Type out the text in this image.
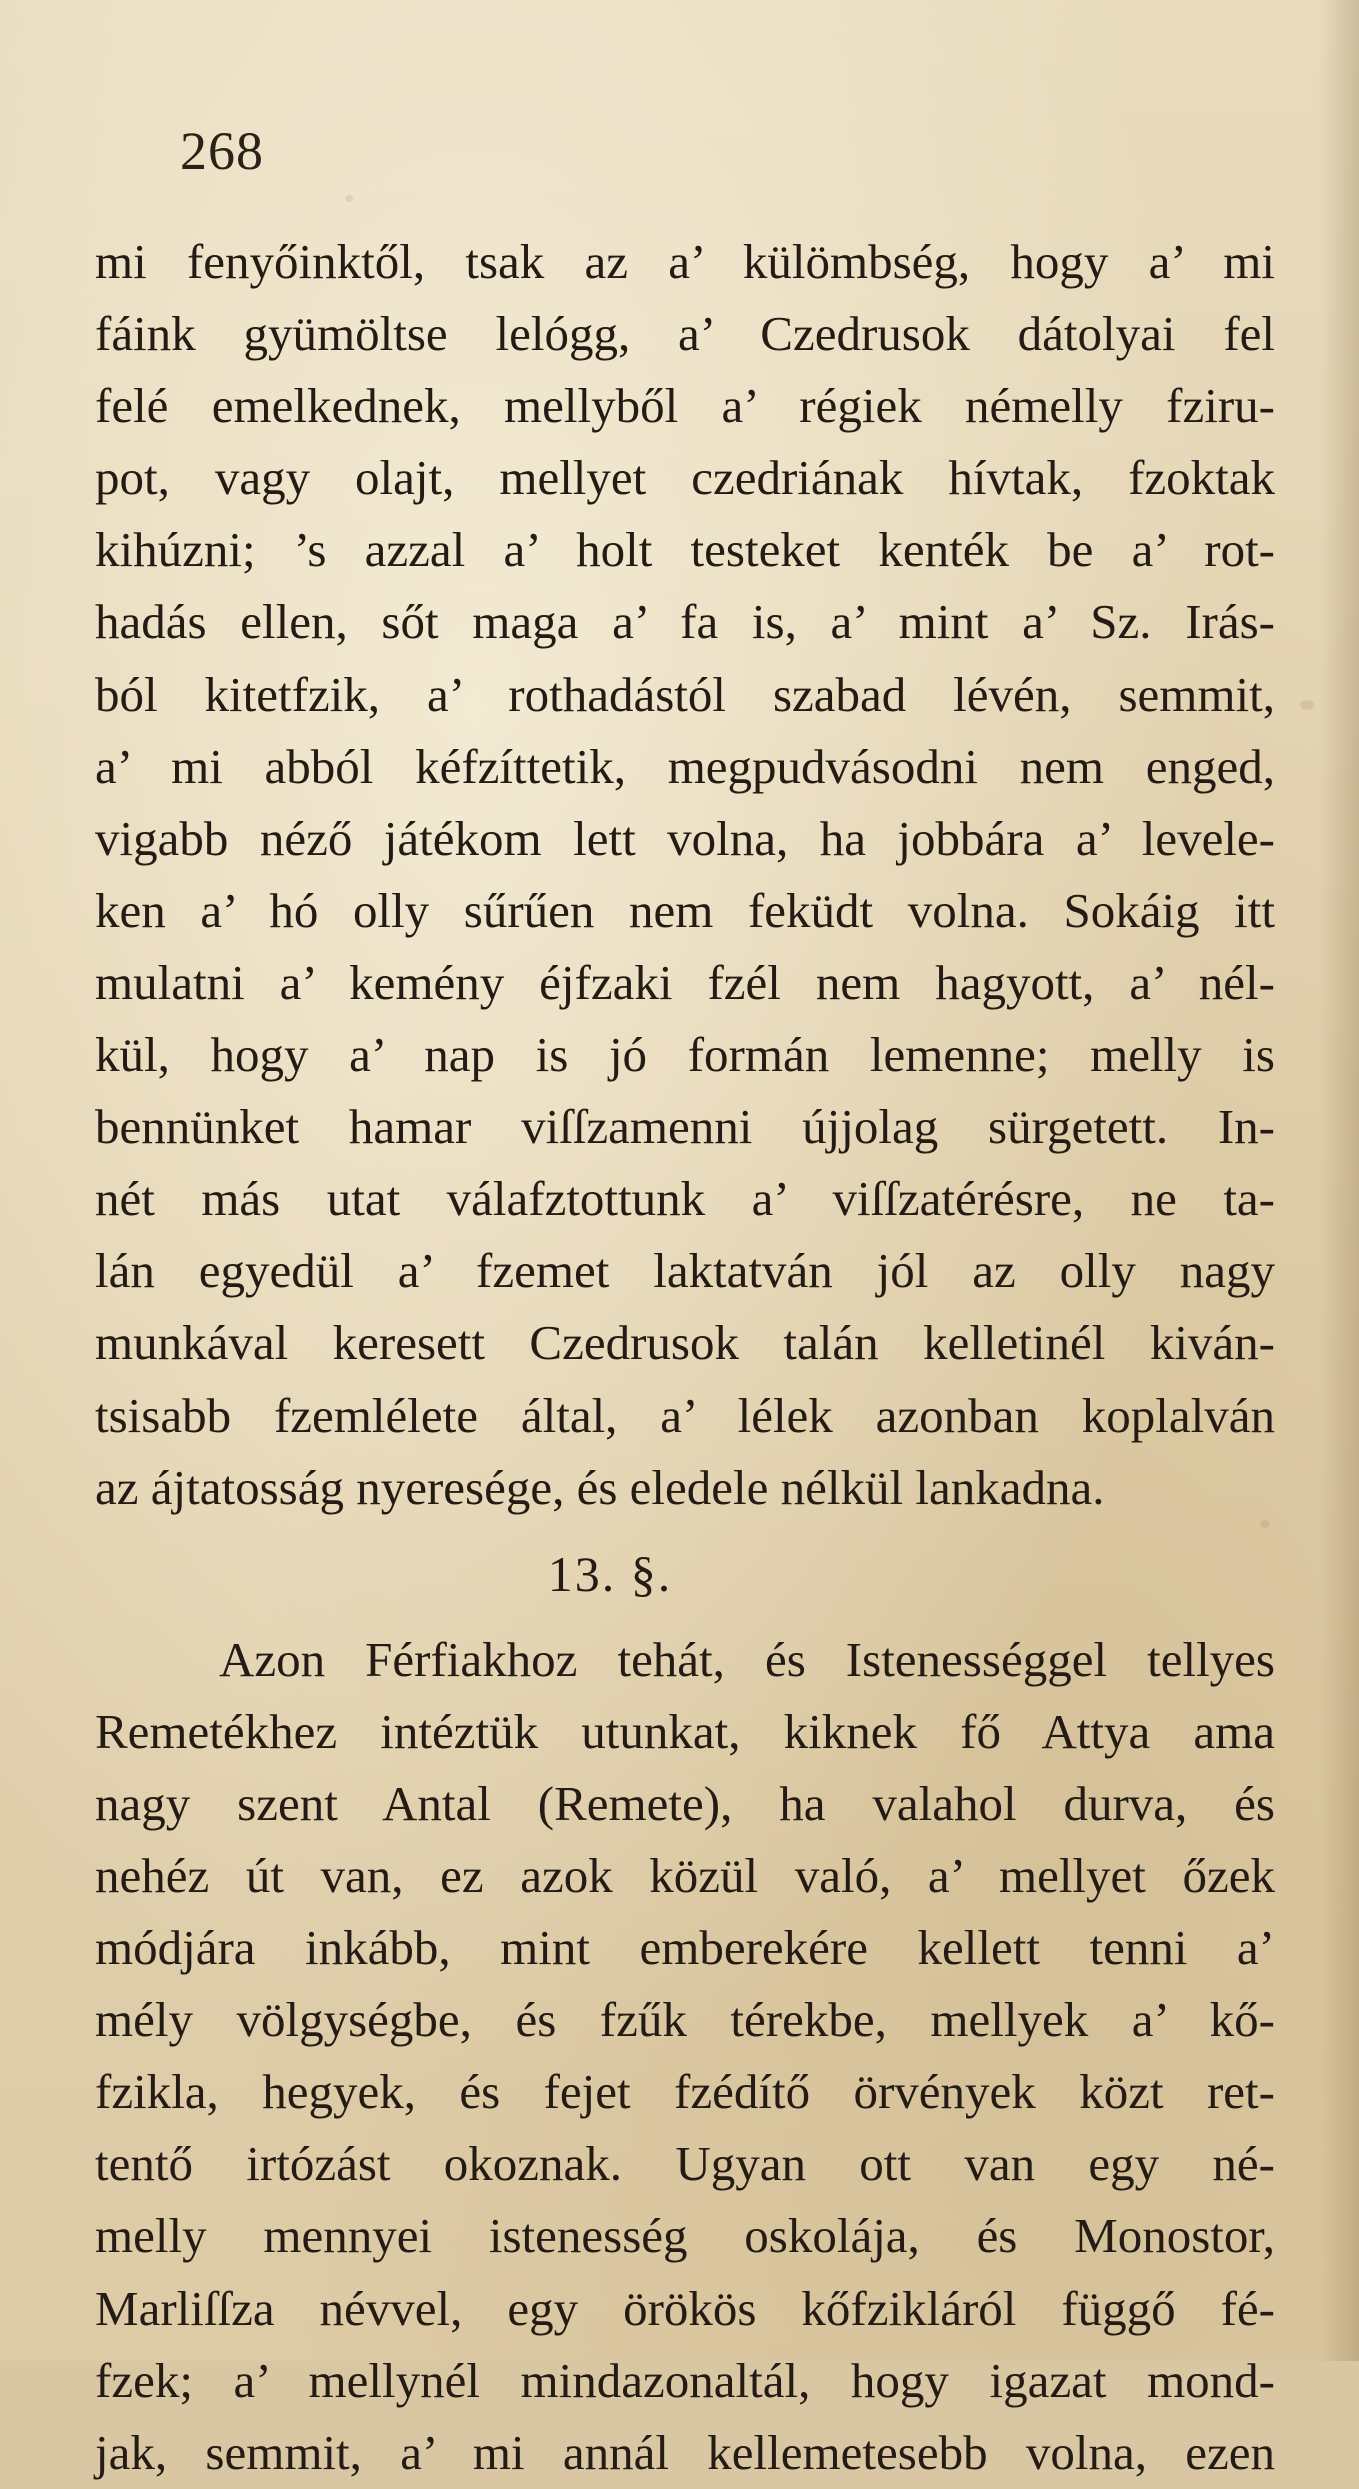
268
mi fenyőinktől, tsak az a’ külömbség, hogy a’ mi
fáink gyümöltse lelógg, a’ Czedrusok dátolyai fel
felé emelkednek, mellyből a’ régiek némelly fziru-
pot, vagy olajt, mellyet czedriának hívtak, fzoktak
kihúzni; ’s azzal a’ holt testeket kenték be a’ rot-
hadás ellen, sőt maga a’ fa is, a’ mint a’ Sz. Irás-
ból kitetfzik, a’ rothadástól szabad lévén, semmit,
a’ mi abból kéfzíttetik, megpudvásodni nem enged,
vigabb néző játékom lett volna, ha jobbára a’ levele-
ken a’ hó olly sűrűen nem feküdt volna. Sokáig itt
mulatni a’ kemény éjfzaki fzél nem hagyott, a’ nél-
kül, hogy a’ nap is jó formán lemenne; melly is
bennünket hamar viſſzamenni újjolag sürgetett. In-
nét más utat válafztottunk a’ viſſzatérésre, ne ta-
lán egyedül a’ fzemet laktatván jól az olly nagy
munkával keresett Czedrusok talán kelletinél kiván-
tsisabb fzemlélete által, a’ lélek azonban koplalván
az ájtatosság nyeresége, és eledele nélkül lankadna.
13. §.
Azon Férfiakhoz tehát, és Istenességgel tellyes
Remetékhez intéztük utunkat, kiknek fő Attya ama
nagy szent Antal (Remete), ha valahol durva, és
nehéz út van, ez azok közül való, a’ mellyet őzek
módjára inkább, mint emberekére kellett tenni a’
mély völgységbe, és fzűk térekbe, mellyek a’ kő-
fzikla, hegyek, és fejet fzédítő örvények közt ret-
tentő irtózást okoznak. Ugyan ott van egy né-
melly mennyei istenesség oskolája, és Monostor,
Marliſſza névvel, egy örökös kőfzikláról függő fé-
fzek; a’ mellynél mindazonaltál, hogy igazat mond-
jak, semmit, a’ mi annál kellemetesebb volna, ezen
